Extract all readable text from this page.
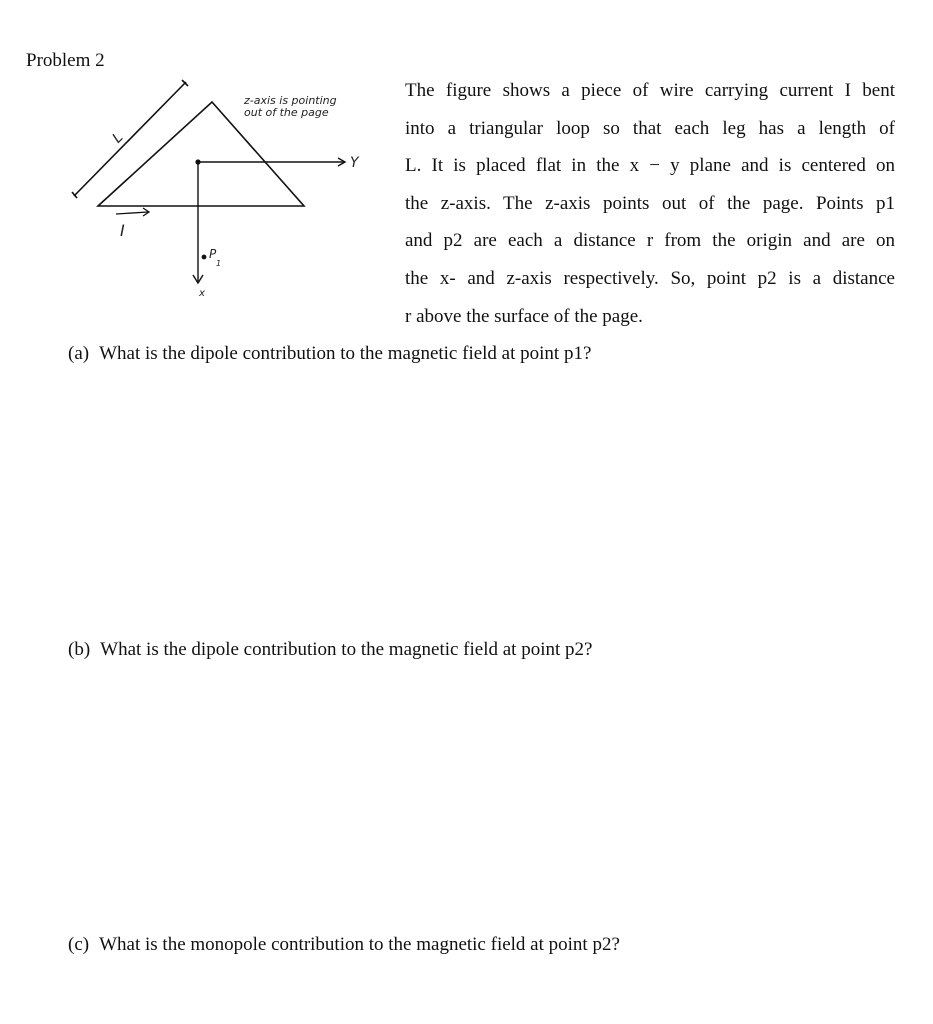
Problem 2
L
Y
x
P
1
I
z-axis is pointing
out of the page
The figure shows a piece of wire carrying current I bent
into a triangular loop so that each leg has a length of
L. It is placed flat in the x − y plane and is centered on
the z-axis. The z-axis points out of the page. Points p1
and p2 are each a distance r from the origin and are on
the x- and z-axis respectively. So, point p2 is a distance
r above the surface of the page.
(a) What is the dipole contribution to the magnetic field at point p1?
(b) What is the dipole contribution to the magnetic field at point p2?
(c) What is the monopole contribution to the magnetic field at point p2?
